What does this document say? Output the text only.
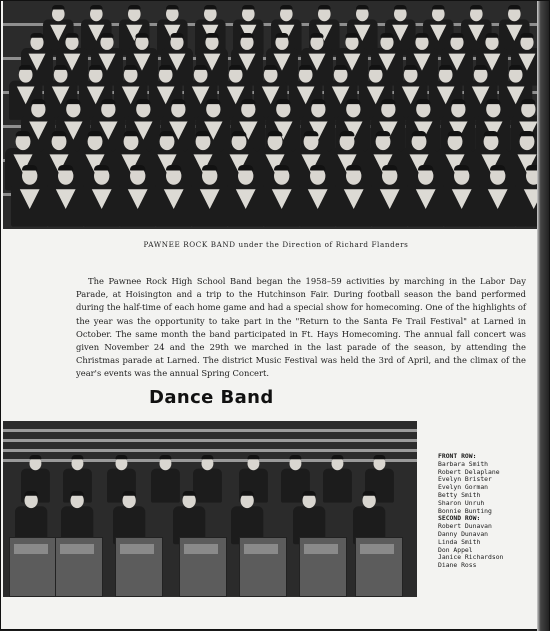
PAWNEE ROCK BAND under the Direction of Richard Flanders
The Pawnee Rock High School Band began the 1958–59 activities by marching in the Labor Day Parade, at Hoisington and a trip to the Hutchinson Fair. During football season the band performed during the half-time of each home game and had a special show for homecoming. One of the highlights of the year was the opportunity to take part in the "Return to the Santa Fe Trail Festival" at Larned in October. The same month the band participated in Ft. Hays Homecoming. The annual fall concert was given November 24 and the 29th we marched in the last parade of the season, by attending the Christmas parade at Larned. The district Music Festival was held the 3rd of April, and the climax of the year's events was the annual Spring Concert.
Dance Band
FRONT ROW:
Barbara Smith
Robert Delaplane
Evelyn Brister
Evelyn Gorman
Betty Smith
Sharon Unruh
Bonnie Bunting
SECOND ROW:
Robert Dunavan
Danny Dunavan
Linda Smith
Don Appel
Janice Richardson
Diane Ross
